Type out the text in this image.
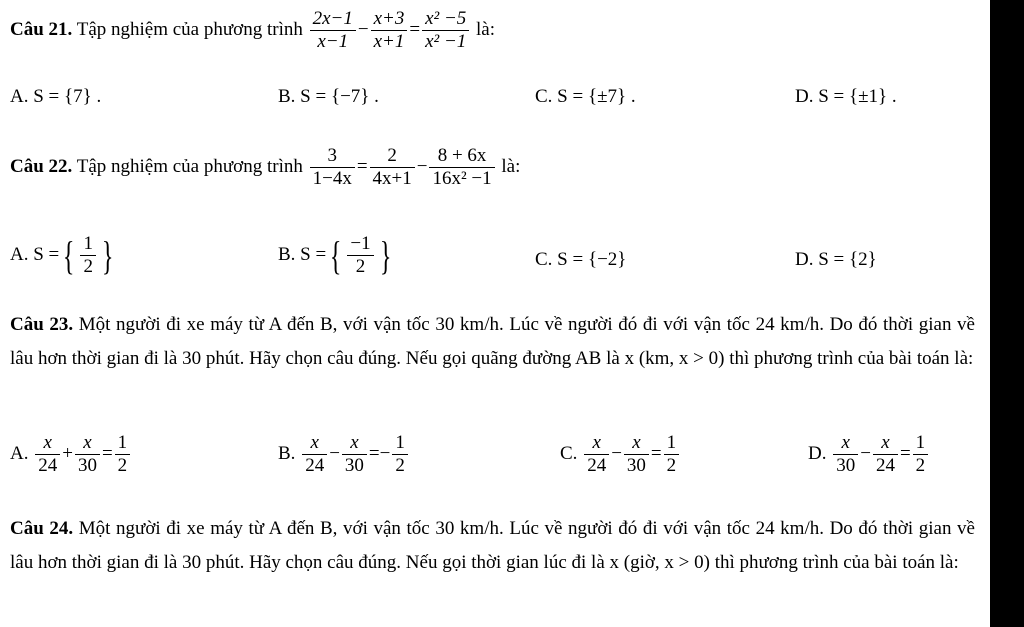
Câu 21. Tập nghiệm của phương trình $\frac{2x-1}{x-1} - \frac{x+3}{x+1} = \frac{\text{x² −5}}{\text{x² −1}}$ là:
A. S = {7} .	B. S = {−7} .	C. S = {±7} .	D. S = {±1} .
Câu 22. Tập nghiệm của phương trình $\frac{3}{1-4x} = \frac{2}{4x+1} - \frac{8 + 6x}{\text{16x² −1}}$ là:
A. S ={ $\frac{1}{2}$ }	B. S ={ $\frac{-1}{2}$ }	C. S = {−2}	D. S = {2}
Câu 23. Một người đi xe máy từ A đến B, với vận tốc 30 km/h. Lúc về người đó đi với vận tốc 24 km/h. Do đó thời gian về lâu hơn thời gian đi là 30 phút. Hãy chọn câu đúng. Nếu gọi quãng đường AB là x (km, x > 0) thì phương trình của bài toán là:
A. $\frac{x}{24} + \frac{x}{30} = \frac{1}{2}$	B. $\frac{x}{24} - \frac{x}{30} =- \frac{1}{2}$	C. $\frac{x}{24} - \frac{x}{30} = \frac{1}{2}$	D. $\frac{x}{30} - \frac{x}{24} = \frac{1}{2}$
Câu 24. Một người đi xe máy từ A đến B, với vận tốc 30 km/h. Lúc về người đó đi với vận tốc 24 km/h. Do đó thời gian về lâu hơn thời gian đi là 30 phút. Hãy chọn câu đúng. Nếu gọi thời gian lúc đi là x (giờ, x > 0) thì phương trình của bài toán là:
